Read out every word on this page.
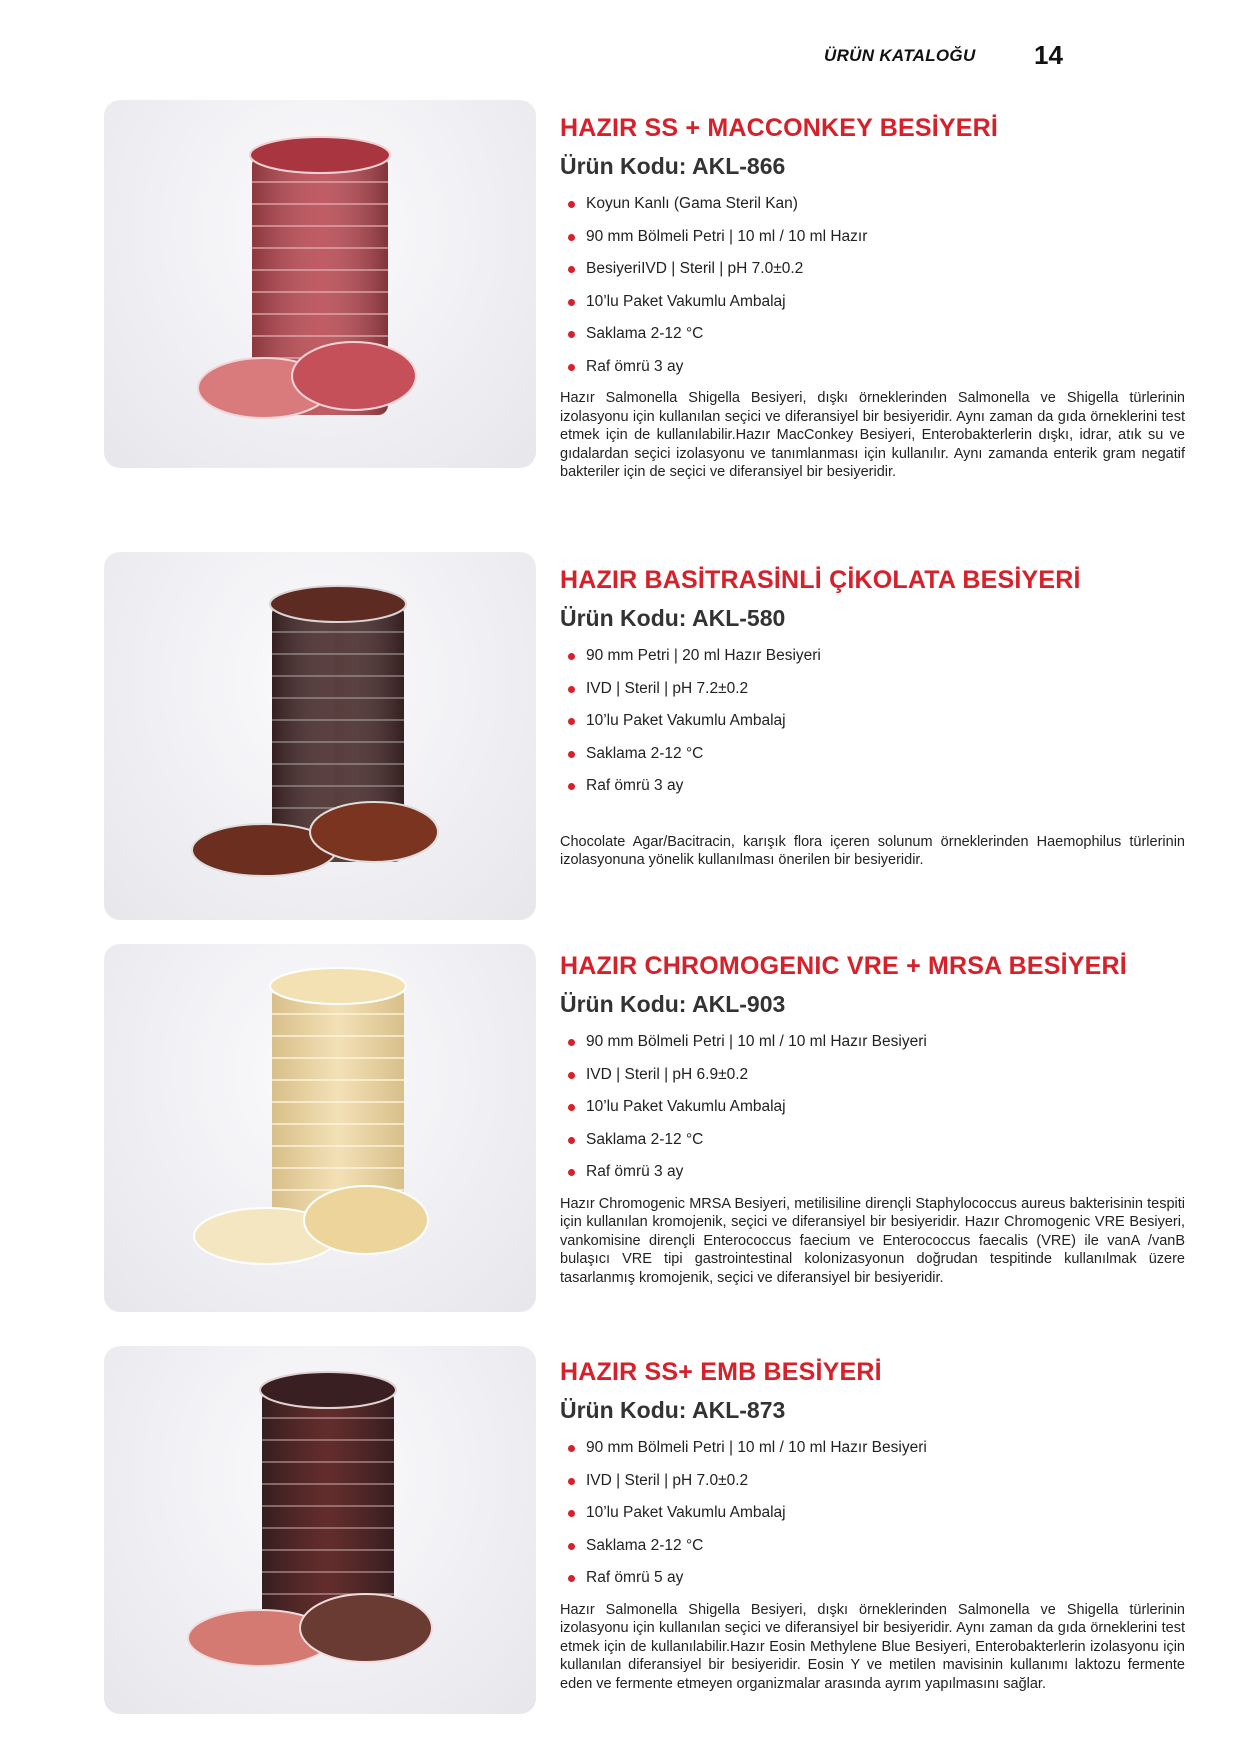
ÜRÜN KATALOĞU 14
HAZIR SS + MACCONKEY BESİYERİ
Ürün Kodu: AKL-866
Koyun Kanlı (Gama Steril Kan)
90 mm Bölmeli Petri | 10 ml / 10 ml Hazır
BesiyeriIVD | Steril | pH 7.0±0.2
10’lu Paket Vakumlu Ambalaj
Saklama 2-12 °C
Raf ömrü 3 ay

Hazır Salmonella Shigella Besiyeri, dışkı örneklerinden Salmonella ve Shigella türlerinin izolasyonu için kullanılan seçici ve diferansiyel bir besiyeridir. Aynı zaman da gıda örneklerini test etmek için de kullanılabilir.Hazır MacConkey Besiyeri, Enterobakterlerin dışkı, idrar, atık su ve gıdalardan seçici izolasyonu ve tanımlanması için kullanılır. Aynı zamanda enterik gram negatif bakteriler için de seçici ve diferansiyel bir besiyeridir.

HAZIR BASİTRASİNLİ ÇİKOLATA BESİYERİ
Ürün Kodu: AKL-580
90 mm Petri | 20 ml Hazır Besiyeri
IVD | Steril | pH 7.2±0.2
10’lu Paket Vakumlu Ambalaj
Saklama 2-12 °C
Raf ömrü 3 ay

Chocolate Agar/Bacitracin, karışık flora içeren solunum örneklerinden Haemophilus türlerinin izolasyonuna yönelik kullanılması önerilen bir besiyeridir.

HAZIR CHROMOGENIC VRE + MRSA BESİYERİ
Ürün Kodu: AKL-903
90 mm Bölmeli Petri | 10 ml / 10 ml Hazır Besiyeri
IVD | Steril | pH 6.9±0.2
10’lu Paket Vakumlu Ambalaj
Saklama 2-12 °C
Raf ömrü 3 ay

Hazır Chromogenic MRSA Besiyeri, metilisiline dirençli Staphylococcus aureus bakterisinin tespiti için kullanılan kromojenik, seçici ve diferansiyel bir besiyeridir. Hazır Chromogenic VRE Besiyeri, vankomisine dirençli Enterococcus faecium ve Enterococcus faecalis (VRE) ile vanA /vanB bulaşıcı VRE tipi gastrointestinal kolonizasyonun doğrudan tespitinde kullanılmak üzere tasarlanmış kromojenik, seçici ve diferansiyel bir besiyeridir.

HAZIR SS+ EMB BESİYERİ
Ürün Kodu: AKL-873
90 mm Bölmeli Petri | 10 ml / 10 ml Hazır Besiyeri
IVD | Steril | pH 7.0±0.2
10’lu Paket Vakumlu Ambalaj
Saklama 2-12 °C
Raf ömrü 5 ay

Hazır Salmonella Shigella Besiyeri, dışkı örneklerinden Salmonella ve Shigella türlerinin izolasyonu için kullanılan seçici ve diferansiyel bir besiyeridir. Aynı zaman da gıda örneklerini test etmek için de kullanılabilir.Hazır Eosin Methylene Blue Besiyeri, Enterobakterlerin izolasyonu için kullanılan diferansiyel bir besiyeridir. Eosin Y ve metilen mavisinin kullanımı laktozu fermente eden ve fermente etmeyen organizmalar arasında ayrım yapılmasını sağlar.
